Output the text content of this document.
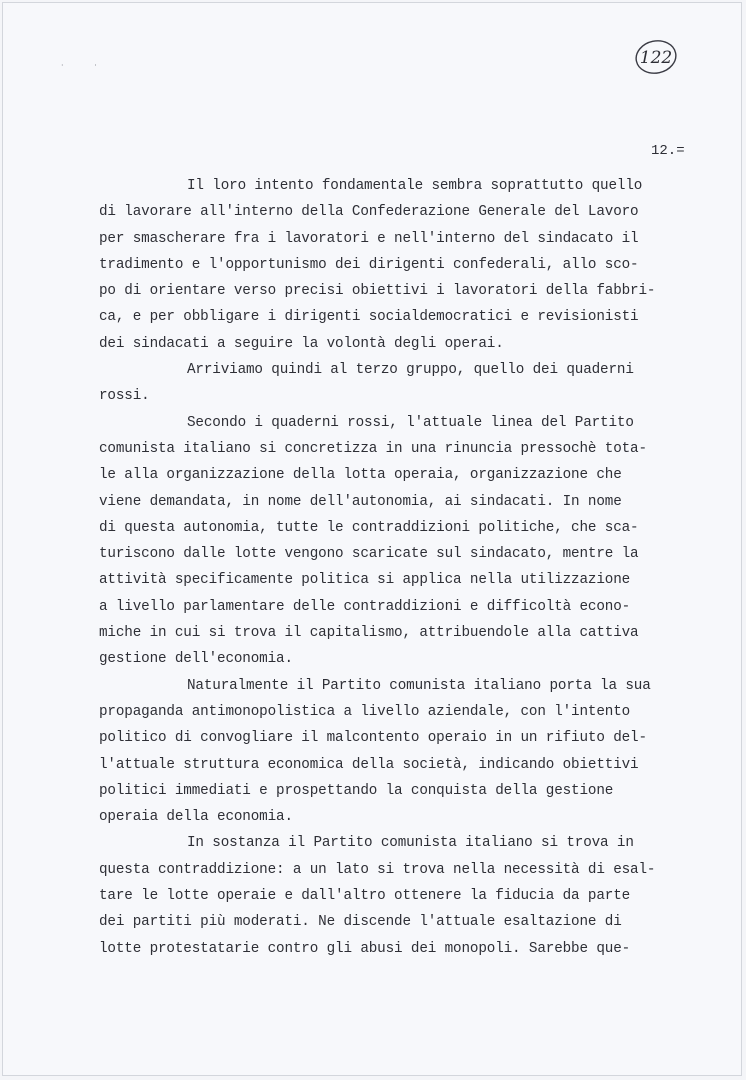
· ·	122
12.=
Il loro intento fondamentale sembra soprattutto quello
di lavorare all'interno della Confederazione Generale del Lavoro
per smascherare fra i lavoratori e nell'interno del sindacato il
tradimento e l'opportunismo dei dirigenti confederali, allo sco-
po di orientare verso precisi obiettivi i lavoratori della fabbri-
ca, e per obbligare i dirigenti socialdemocratici e revisionisti
dei sindacati a seguire la volontà degli operai.
Arriviamo quindi al terzo gruppo, quello dei quaderni
rossi.
Secondo i quaderni rossi, l'attuale linea del Partito
comunista italiano si concretizza in una rinuncia pressochè tota-
le alla organizzazione della lotta operaia, organizzazione che
viene demandata, in nome dell'autonomia, ai sindacati. In nome
di questa autonomia, tutte le contraddizioni politiche, che sca-
turiscono dalle lotte vengono scaricate sul sindacato, mentre la
attività specificamente politica si applica nella utilizzazione
a livello parlamentare delle contraddizioni e difficoltà econo-
miche in cui si trova il capitalismo, attribuendole alla cattiva
gestione dell'economia.
Naturalmente il Partito comunista italiano porta la sua
propaganda antimonopolistica a livello aziendale, con l'intento
politico di convogliare il malcontento operaio in un rifiuto del-
l'attuale struttura economica della società, indicando obiettivi
politici immediati e prospettando la conquista della gestione
operaia della economia.
In sostanza il Partito comunista italiano si trova in
questa contraddizione: a un lato si trova nella necessità di esal-
tare le lotte operaie e dall'altro ottenere la fiducia da parte
dei partiti più moderati. Ne discende l'attuale esaltazione di
lotte protestatarie contro gli abusi dei monopoli. Sarebbe que-
